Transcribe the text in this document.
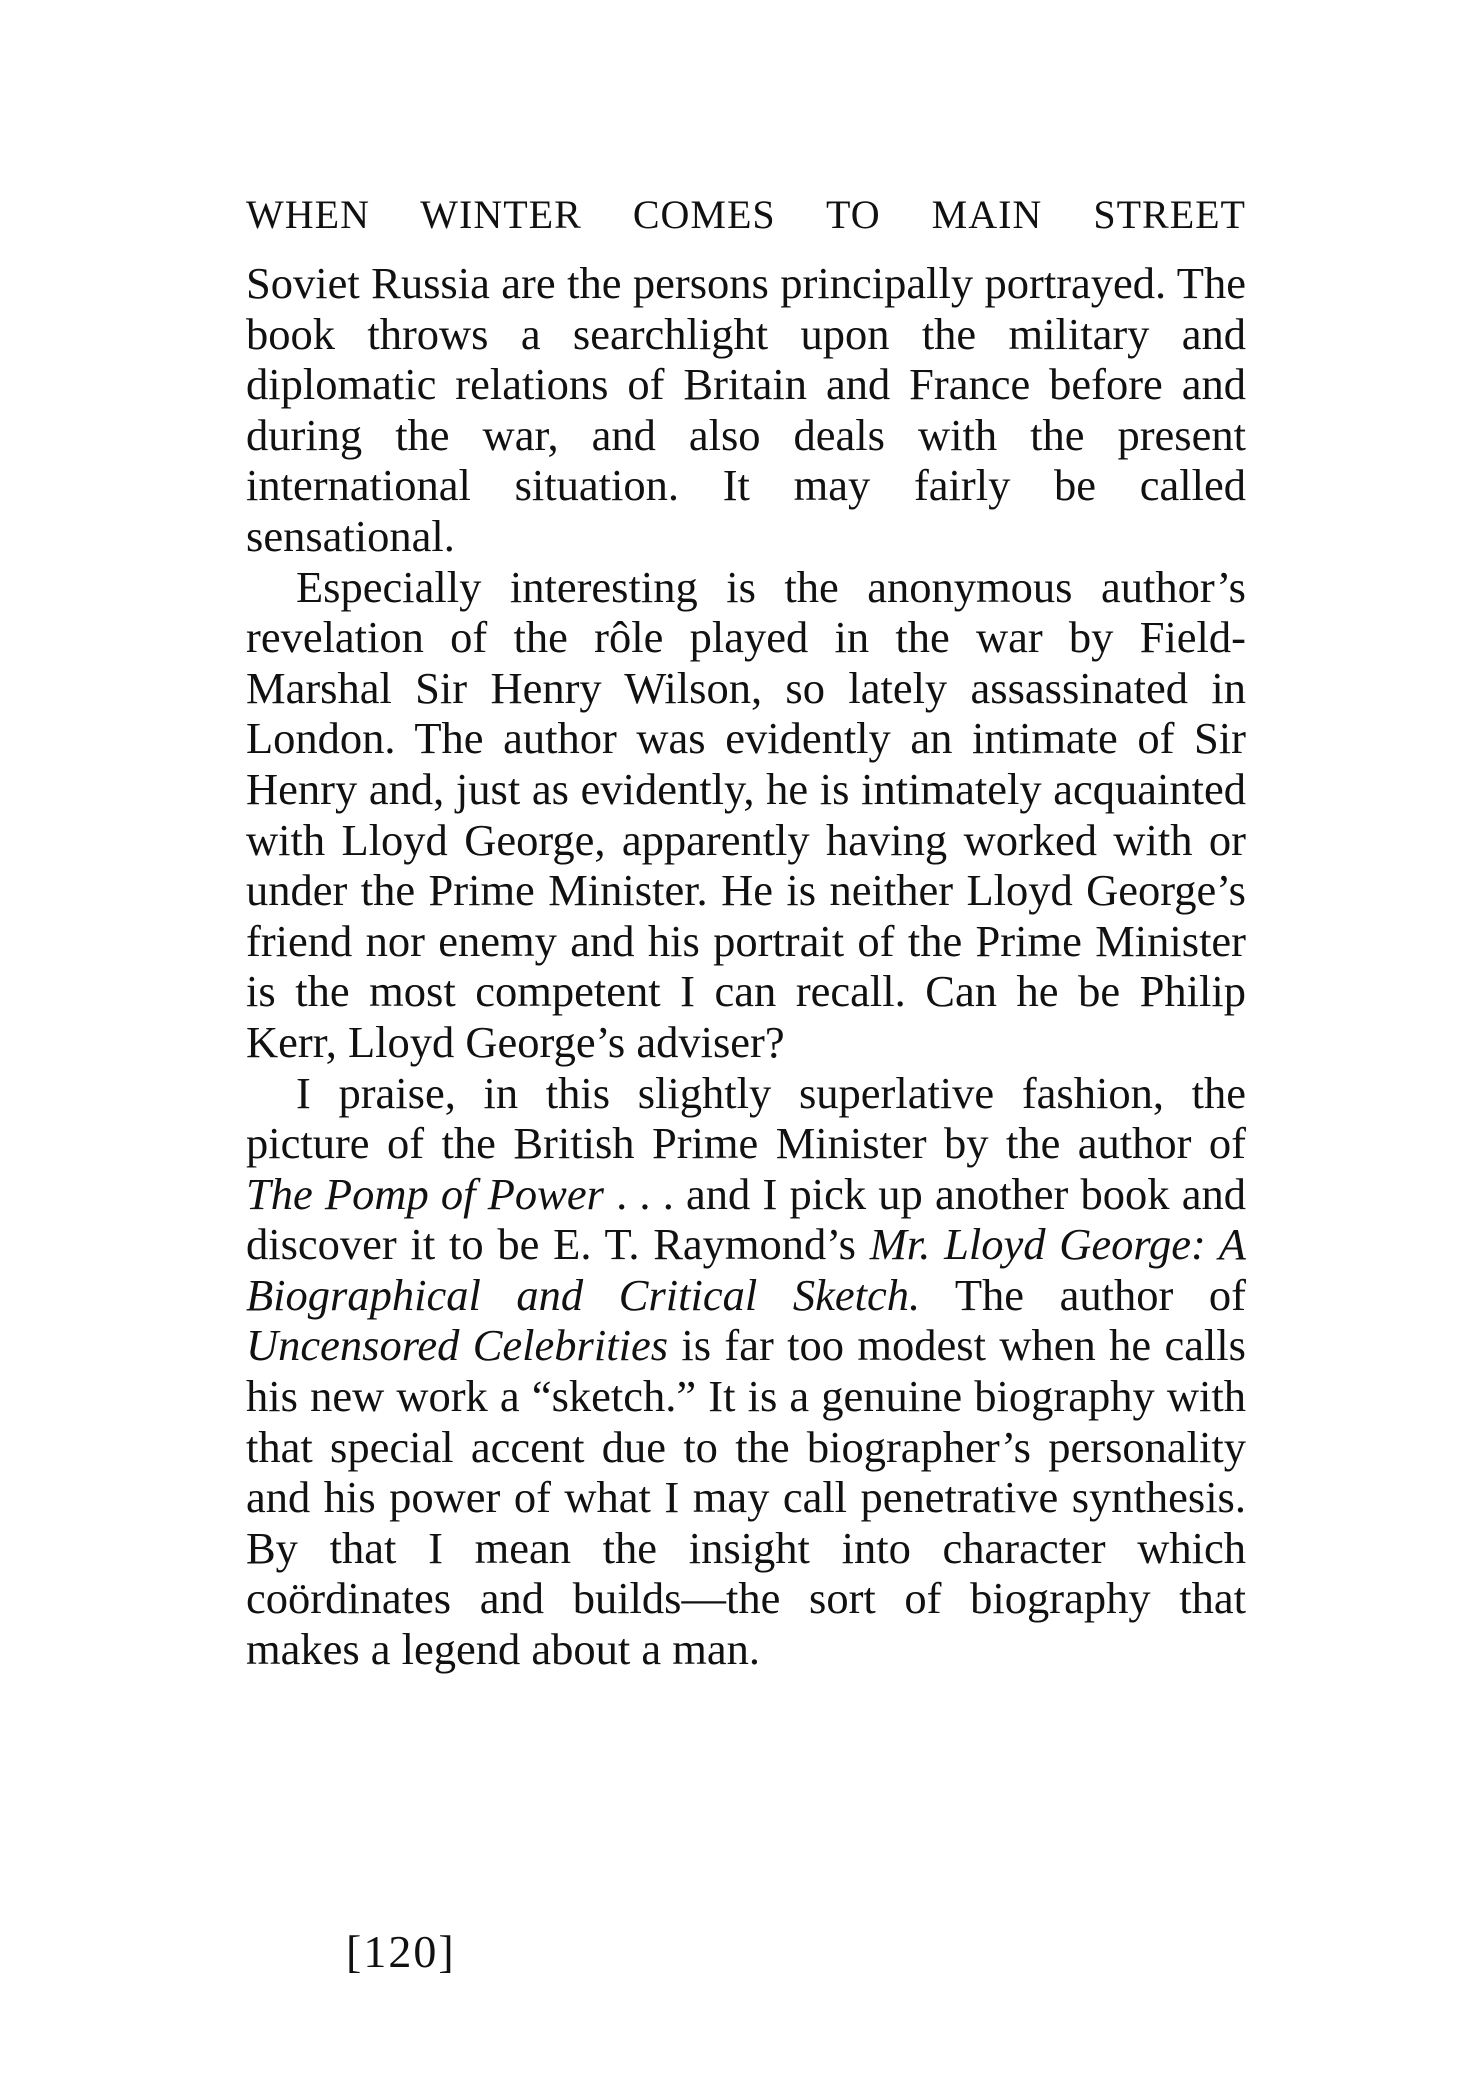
WHEN WINTER COMES TO MAIN STREET

Soviet Russia are the persons principally portrayed. The book throws a searchlight upon the military and diplomatic relations of Britain and France before and during the war, and also deals with the present international situation. It may fairly be called sensational.

Especially interesting is the anonymous author’s revelation of the rôle played in the war by Field-Marshal Sir Henry Wilson, so lately assassinated in London. The author was evidently an intimate of Sir Henry and, just as evidently, he is intimately acquainted with Lloyd George, apparently having worked with or under the Prime Minister. He is neither Lloyd George’s friend nor enemy and his portrait of the Prime Minister is the most competent I can recall. Can he be Philip Kerr, Lloyd George’s adviser?

I praise, in this slightly superlative fashion, the picture of the British Prime Minister by the author of The Pomp of Power . . . and I pick up another book and discover it to be E. T. Raymond’s Mr. Lloyd George: A Biographical and Critical Sketch. The author of Uncensored Celebrities is far too modest when he calls his new work a “sketch.” It is a genuine biography with that special accent due to the biographer’s personality and his power of what I may call penetrative synthesis. By that I mean the insight into character which coördinates and builds—the sort of biography that makes a legend about a man.

[120]
